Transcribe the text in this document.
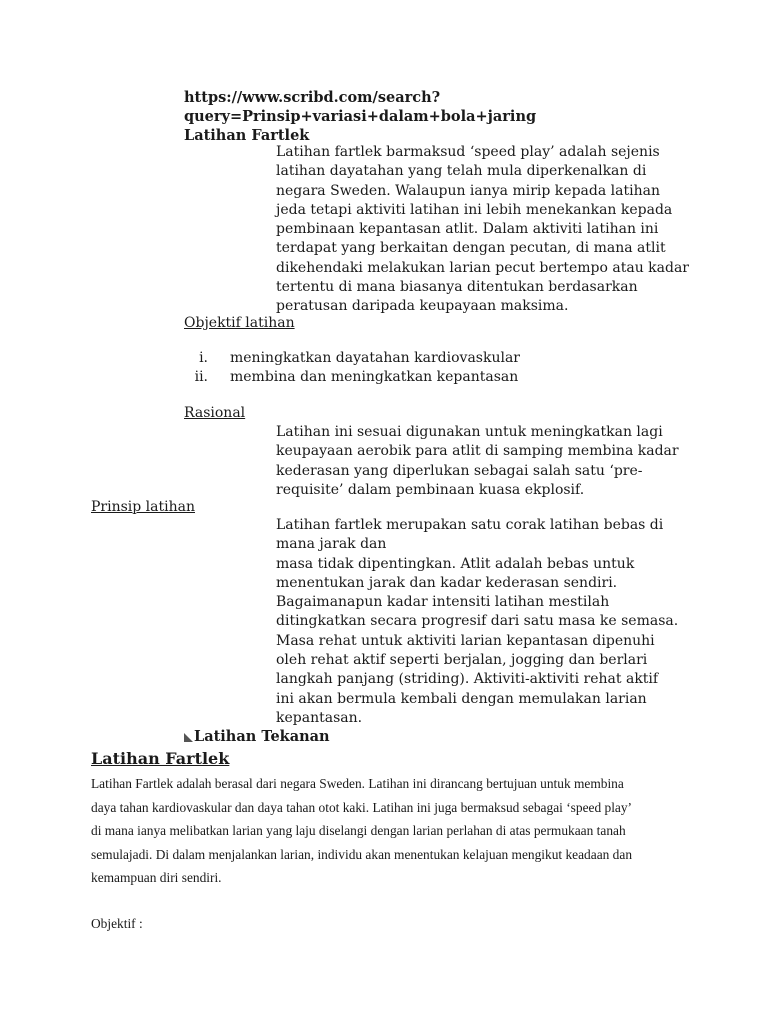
https://www.scribd.com/search?
query=Prinsip+variasi+dalam+bola+jaring
Latihan Fartlek
Latihan fartlek barmaksud ‘speed play’ adalah sejenis
latihan dayatahan yang telah mula diperkenalkan di
negara Sweden. Walaupun ianya mirip kepada latihan
jeda tetapi aktiviti latihan ini lebih menekankan kepada
pembinaan kepantasan atlit. Dalam aktiviti latihan ini
terdapat yang berkaitan dengan pecutan, di mana atlit
dikehendaki melakukan larian pecut bertempo atau kadar
tertentu di mana biasanya ditentukan berdasarkan
peratusan daripada keupayaan maksima.
Objektif latihan
i. meningkatkan dayatahan kardiovaskular
ii. membina dan meningkatkan kepantasan
Rasional
Latihan ini sesuai digunakan untuk meningkatkan lagi
keupayaan aerobik para atlit di samping membina kadar
kederasan yang diperlukan sebagai salah satu ‘pre-
requisite’ dalam pembinaan kuasa ekplosif.
Prinsip latihan
Latihan fartlek merupakan satu corak latihan bebas di
mana jarak dan
masa tidak dipentingkan. Atlit adalah bebas untuk
menentukan jarak dan kadar kederasan sendiri.
Bagaimanapun kadar intensiti latihan mestilah
ditingkatkan secara progresif dari satu masa ke semasa.
Masa rehat untuk aktiviti larian kepantasan dipenuhi
oleh rehat aktif seperti berjalan, jogging dan berlari
langkah panjang (striding). Aktiviti-aktiviti rehat aktif
ini akan bermula kembali dengan memulakan larian
kepantasan.
Latihan Tekanan
Latihan Fartlek
Latihan Fartlek adalah berasal dari negara Sweden. Latihan ini dirancang bertujuan untuk membina
daya tahan kardiovaskular dan daya tahan otot kaki. Latihan ini juga bermaksud sebagai ‘speed play’
di mana ianya melibatkan larian yang laju diselangi dengan larian perlahan di atas permukaan tanah
semulajadi. Di dalam menjalankan larian, individu akan menentukan kelajuan mengikut keadaan dan
kemampuan diri sendiri.
Objektif :
